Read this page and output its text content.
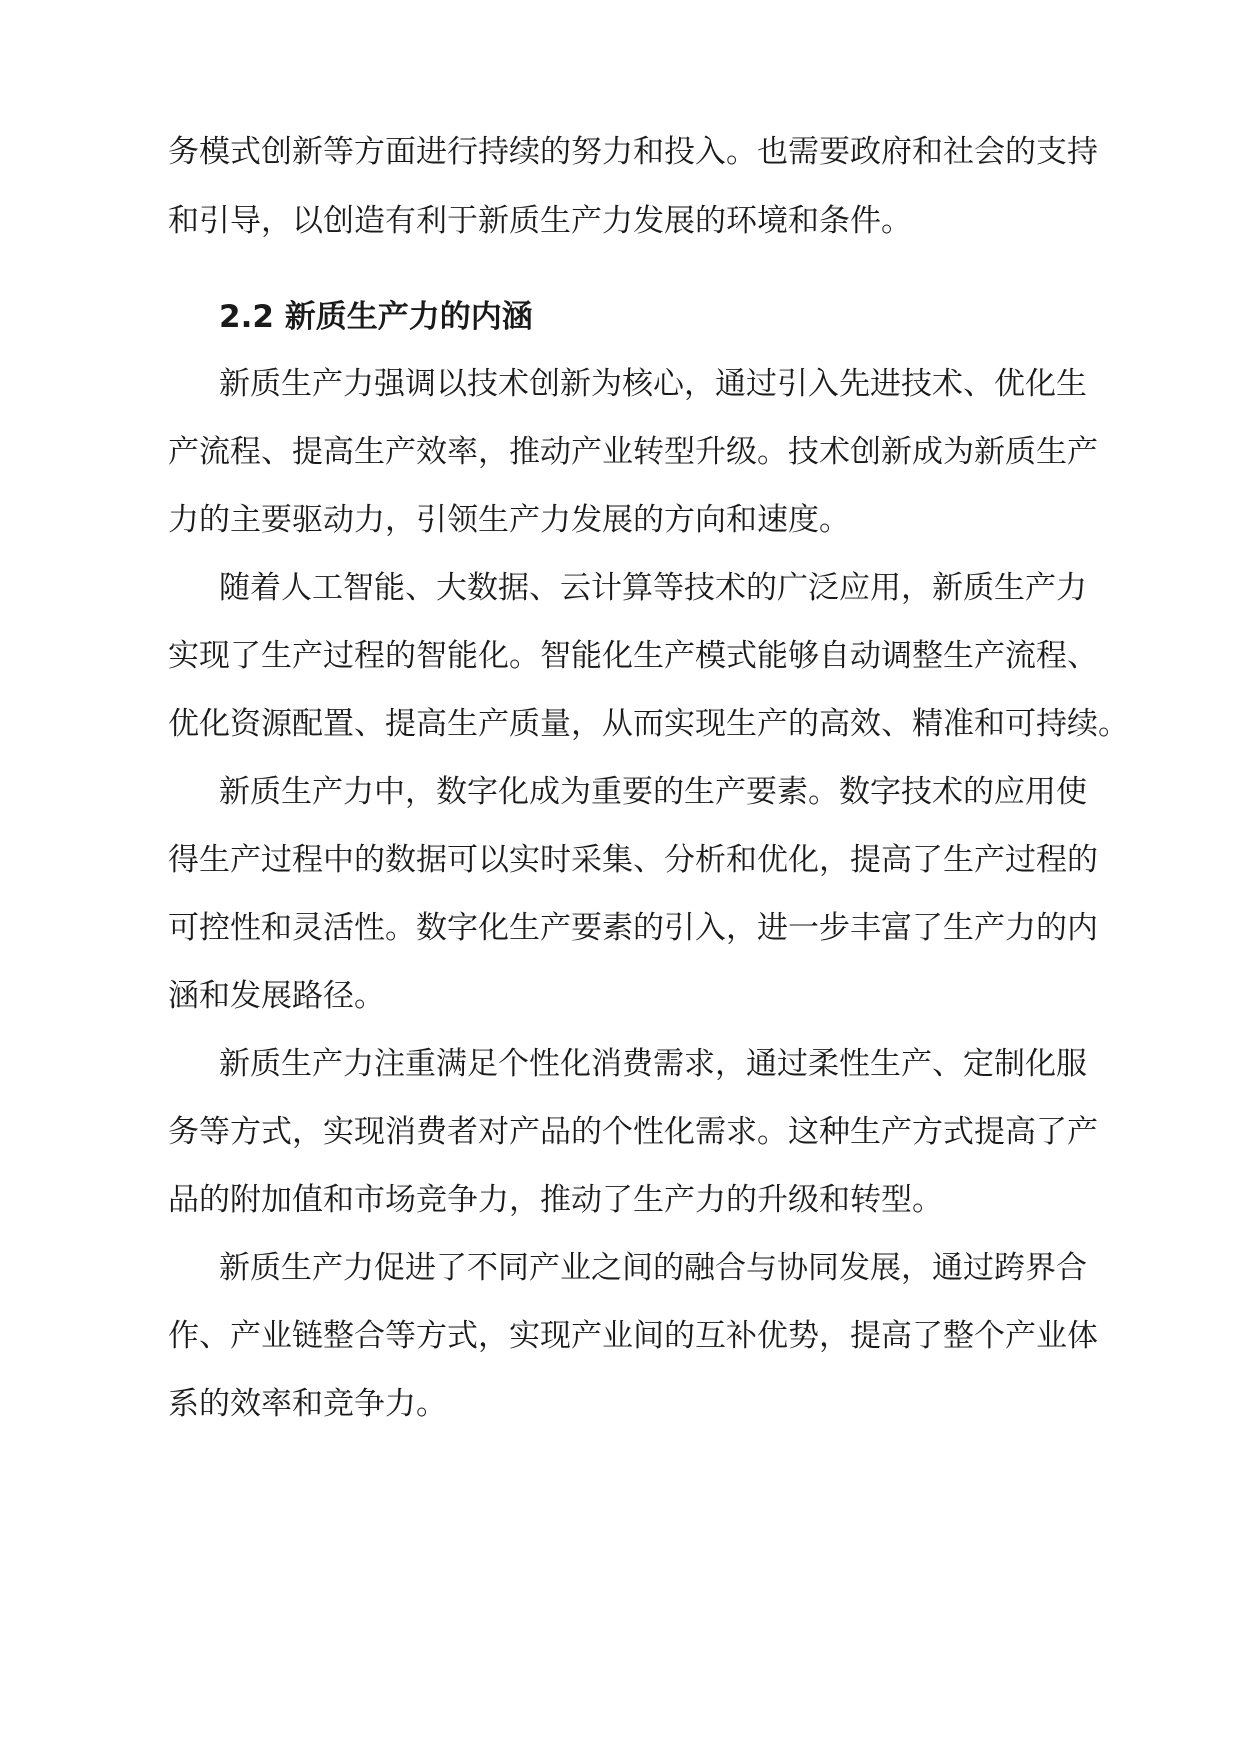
务模式创新等方面进行持续的努力和投入。也需要政府和社会的支持
和引导，以创造有利于新质生产力发展的环境和条件。
2.2 新质生产力的内涵
新质生产力强调以技术创新为核心，通过引入先进技术、优化生
产流程、提高生产效率，推动产业转型升级。技术创新成为新质生产
力的主要驱动力，引领生产力发展的方向和速度。
随着人工智能、大数据、云计算等技术的广泛应用，新质生产力
实现了生产过程的智能化。智能化生产模式能够自动调整生产流程、
优化资源配置、提高生产质量，从而实现生产的高效、精准和可持续。
新质生产力中，数字化成为重要的生产要素。数字技术的应用使
得生产过程中的数据可以实时采集、分析和优化，提高了生产过程的
可控性和灵活性。数字化生产要素的引入，进一步丰富了生产力的内
涵和发展路径。
新质生产力注重满足个性化消费需求，通过柔性生产、定制化服
务等方式，实现消费者对产品的个性化需求。这种生产方式提高了产
品的附加值和市场竞争力，推动了生产力的升级和转型。
新质生产力促进了不同产业之间的融合与协同发展，通过跨界合
作、产业链整合等方式，实现产业间的互补优势，提高了整个产业体
系的效率和竞争力。
